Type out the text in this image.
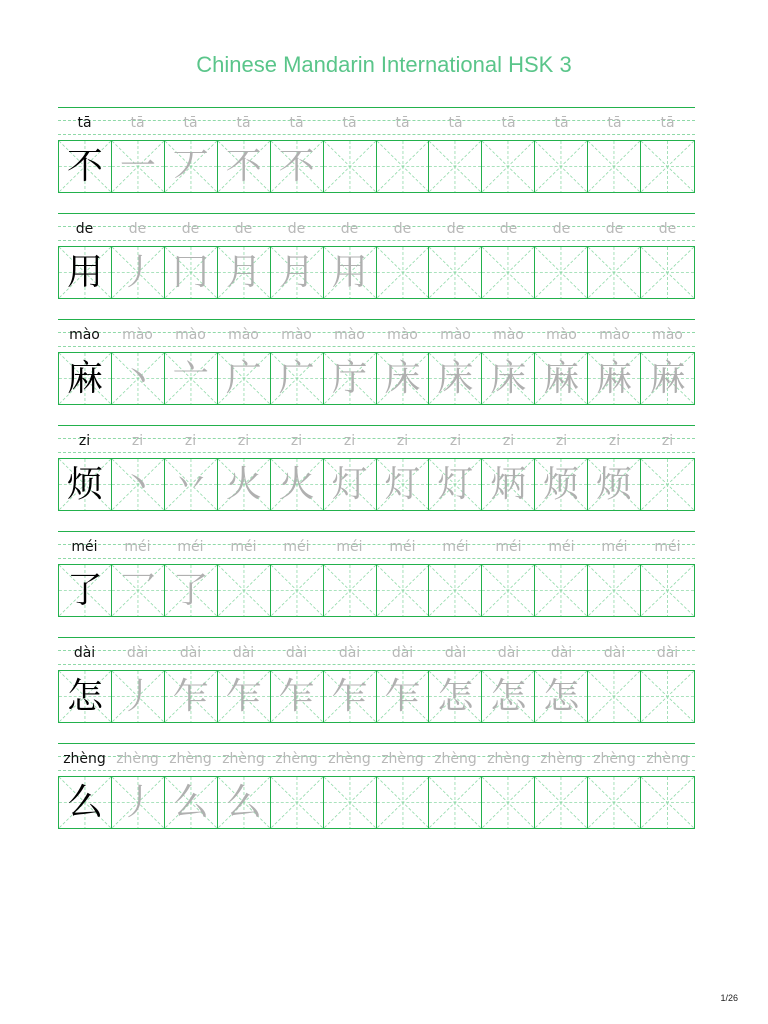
Chinese Mandarin International HSK 3
tā	tā	tā	tā	tā	tā	tā	tā	tā	tā	tā	tā
不 一 丆 不 不
de	de	de	de	de	de	de	de	de	de	de	de
用 丿 冂 月 月 用
mào	mào	mào	mào	mào	mào	mào	mào	mào	mào	mào	mào
麻 丶 亠 广 广 庁 床 床 床 麻 麻 麻
zi	zi	zi	zi	zi	zi	zi	zi	zi	zi	zi	zi
烦 丶 丷 火 火 灯 灯 灯 炳 烦 烦
méi	méi	méi	méi	méi	méi	méi	méi	méi	méi	méi	méi
了 乛 了
dài	dài	dài	dài	dài	dài	dài	dài	dài	dài	dài	dài
怎 丿 乍 乍 乍 乍 乍 怎 怎 怎
zhèng zhèng zhèng zhèng zhèng zhèng zhèng zhèng zhèng zhèng zhèng zhèng
么 丿 么 么
1/26
